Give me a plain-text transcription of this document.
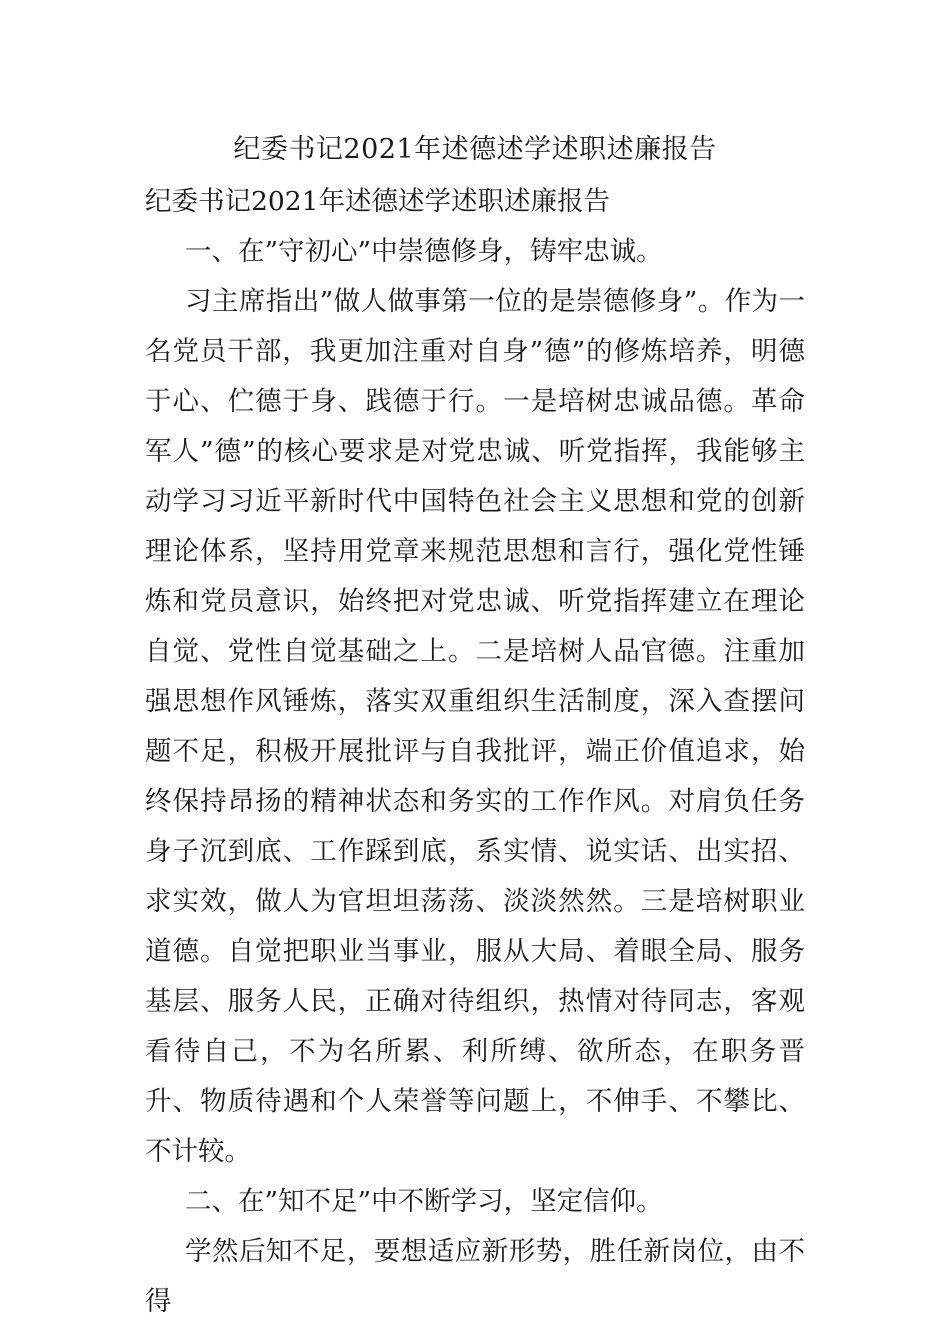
纪委书记2021年述德述学述职述廉报告

纪委书记2021年述德述学述职述廉报告

一、在”守初心”中崇德修身，铸牢忠诚。

习主席指出”做人做事第一位的是崇德修身”。作为一名党员干部，我更加注重对自身”德”的修炼培养，明德于心、伫德于身、践德于行。一是培树忠诚品德。革命军人”德”的核心要求是对党忠诚、听党指挥，我能够主动学习习近平新时代中国特色社会主义思想和党的创新理论体系，坚持用党章来规范思想和言行，强化党性锤炼和党员意识，始终把对党忠诚、听党指挥建立在理论自觉、党性自觉基础之上。二是培树人品官德。注重加强思想作风锤炼，落实双重组织生活制度，深入查摆问题不足，积极开展批评与自我批评，端正价值追求，始终保持昂扬的精神状态和务实的工作作风。对肩负任务身子沉到底、工作踩到底，系实情、说实话、出实招、求实效，做人为官坦坦荡荡、淡淡然然。三是培树职业道德。自觉把职业当事业，服从大局、着眼全局、服务基层、服务人民，正确对待组织，热情对待同志，客观看待自己，不为名所累、利所缚、欲所态，在职务晋升、物质待遇和个人荣誉等问题上，不伸手、不攀比、不计较。

二、在”知不足”中不断学习，坚定信仰。

学然后知不足，要想适应新形势，胜任新岗位，由不得
